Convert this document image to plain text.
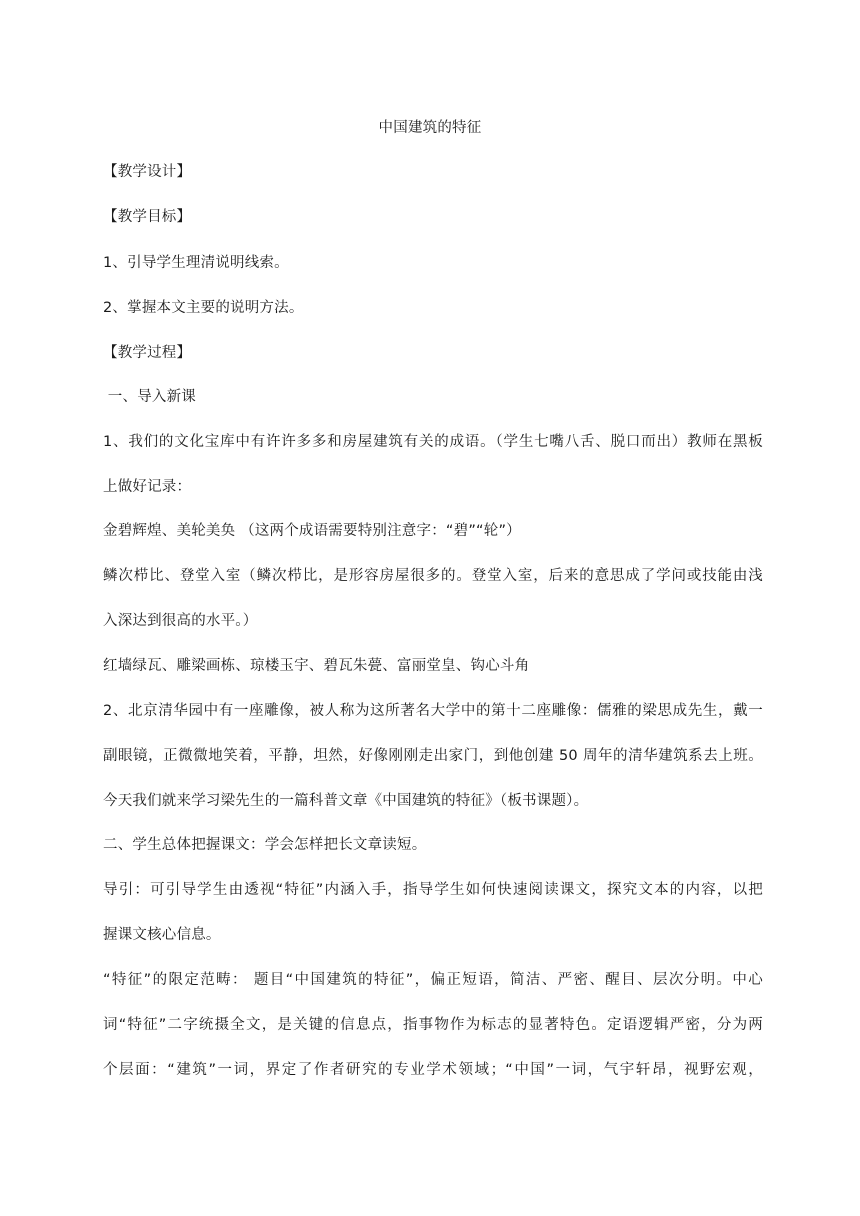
中国建筑的特征
【教学设计】
【教学目标】
1、引导学生理清说明线索。
2、掌握本文主要的说明方法。
【教学过程】
一、导入新课
1、我们的文化宝库中有许许多多和房屋建筑有关的成语。（学生七嘴八舌、脱口而出）教师在黑板
上做好记录：
金碧辉煌、美轮美奂 （这两个成语需要特别注意字：“碧”“轮”）
鳞次栉比、登堂入室（鳞次栉比，是形容房屋很多的。登堂入室，后来的意思成了学问或技能由浅
入深达到很高的水平。）
红墙绿瓦、雕梁画栋、琼楼玉宇、碧瓦朱甍、富丽堂皇、钩心斗角
2、北京清华园中有一座雕像，被人称为这所著名大学中的第十二座雕像：儒雅的梁思成先生，戴一
副眼镜，正微微地笑着，平静，坦然，好像刚刚走出家门，到他创建 50 周年的清华建筑系去上班。
今天我们就来学习梁先生的一篇科普文章《中国建筑的特征》（板书课题）。
二、学生总体把握课文：学会怎样把长文章读短。
导引：可引导学生由透视“特征”内涵入手，指导学生如何快速阅读课文，探究文本的内容，以把
握课文核心信息。
“特征”的限定范畴： 题目“中国建筑的特征”，偏正短语，简洁、严密、醒目、层次分明。中心
词“特征”二字统摄全文，是关键的信息点，指事物作为标志的显著特色。定语逻辑严密，分为两
个层面：“建筑”一词，界定了作者研究的专业学术领域；“中国”一词，气宇轩昂，视野宏观，
